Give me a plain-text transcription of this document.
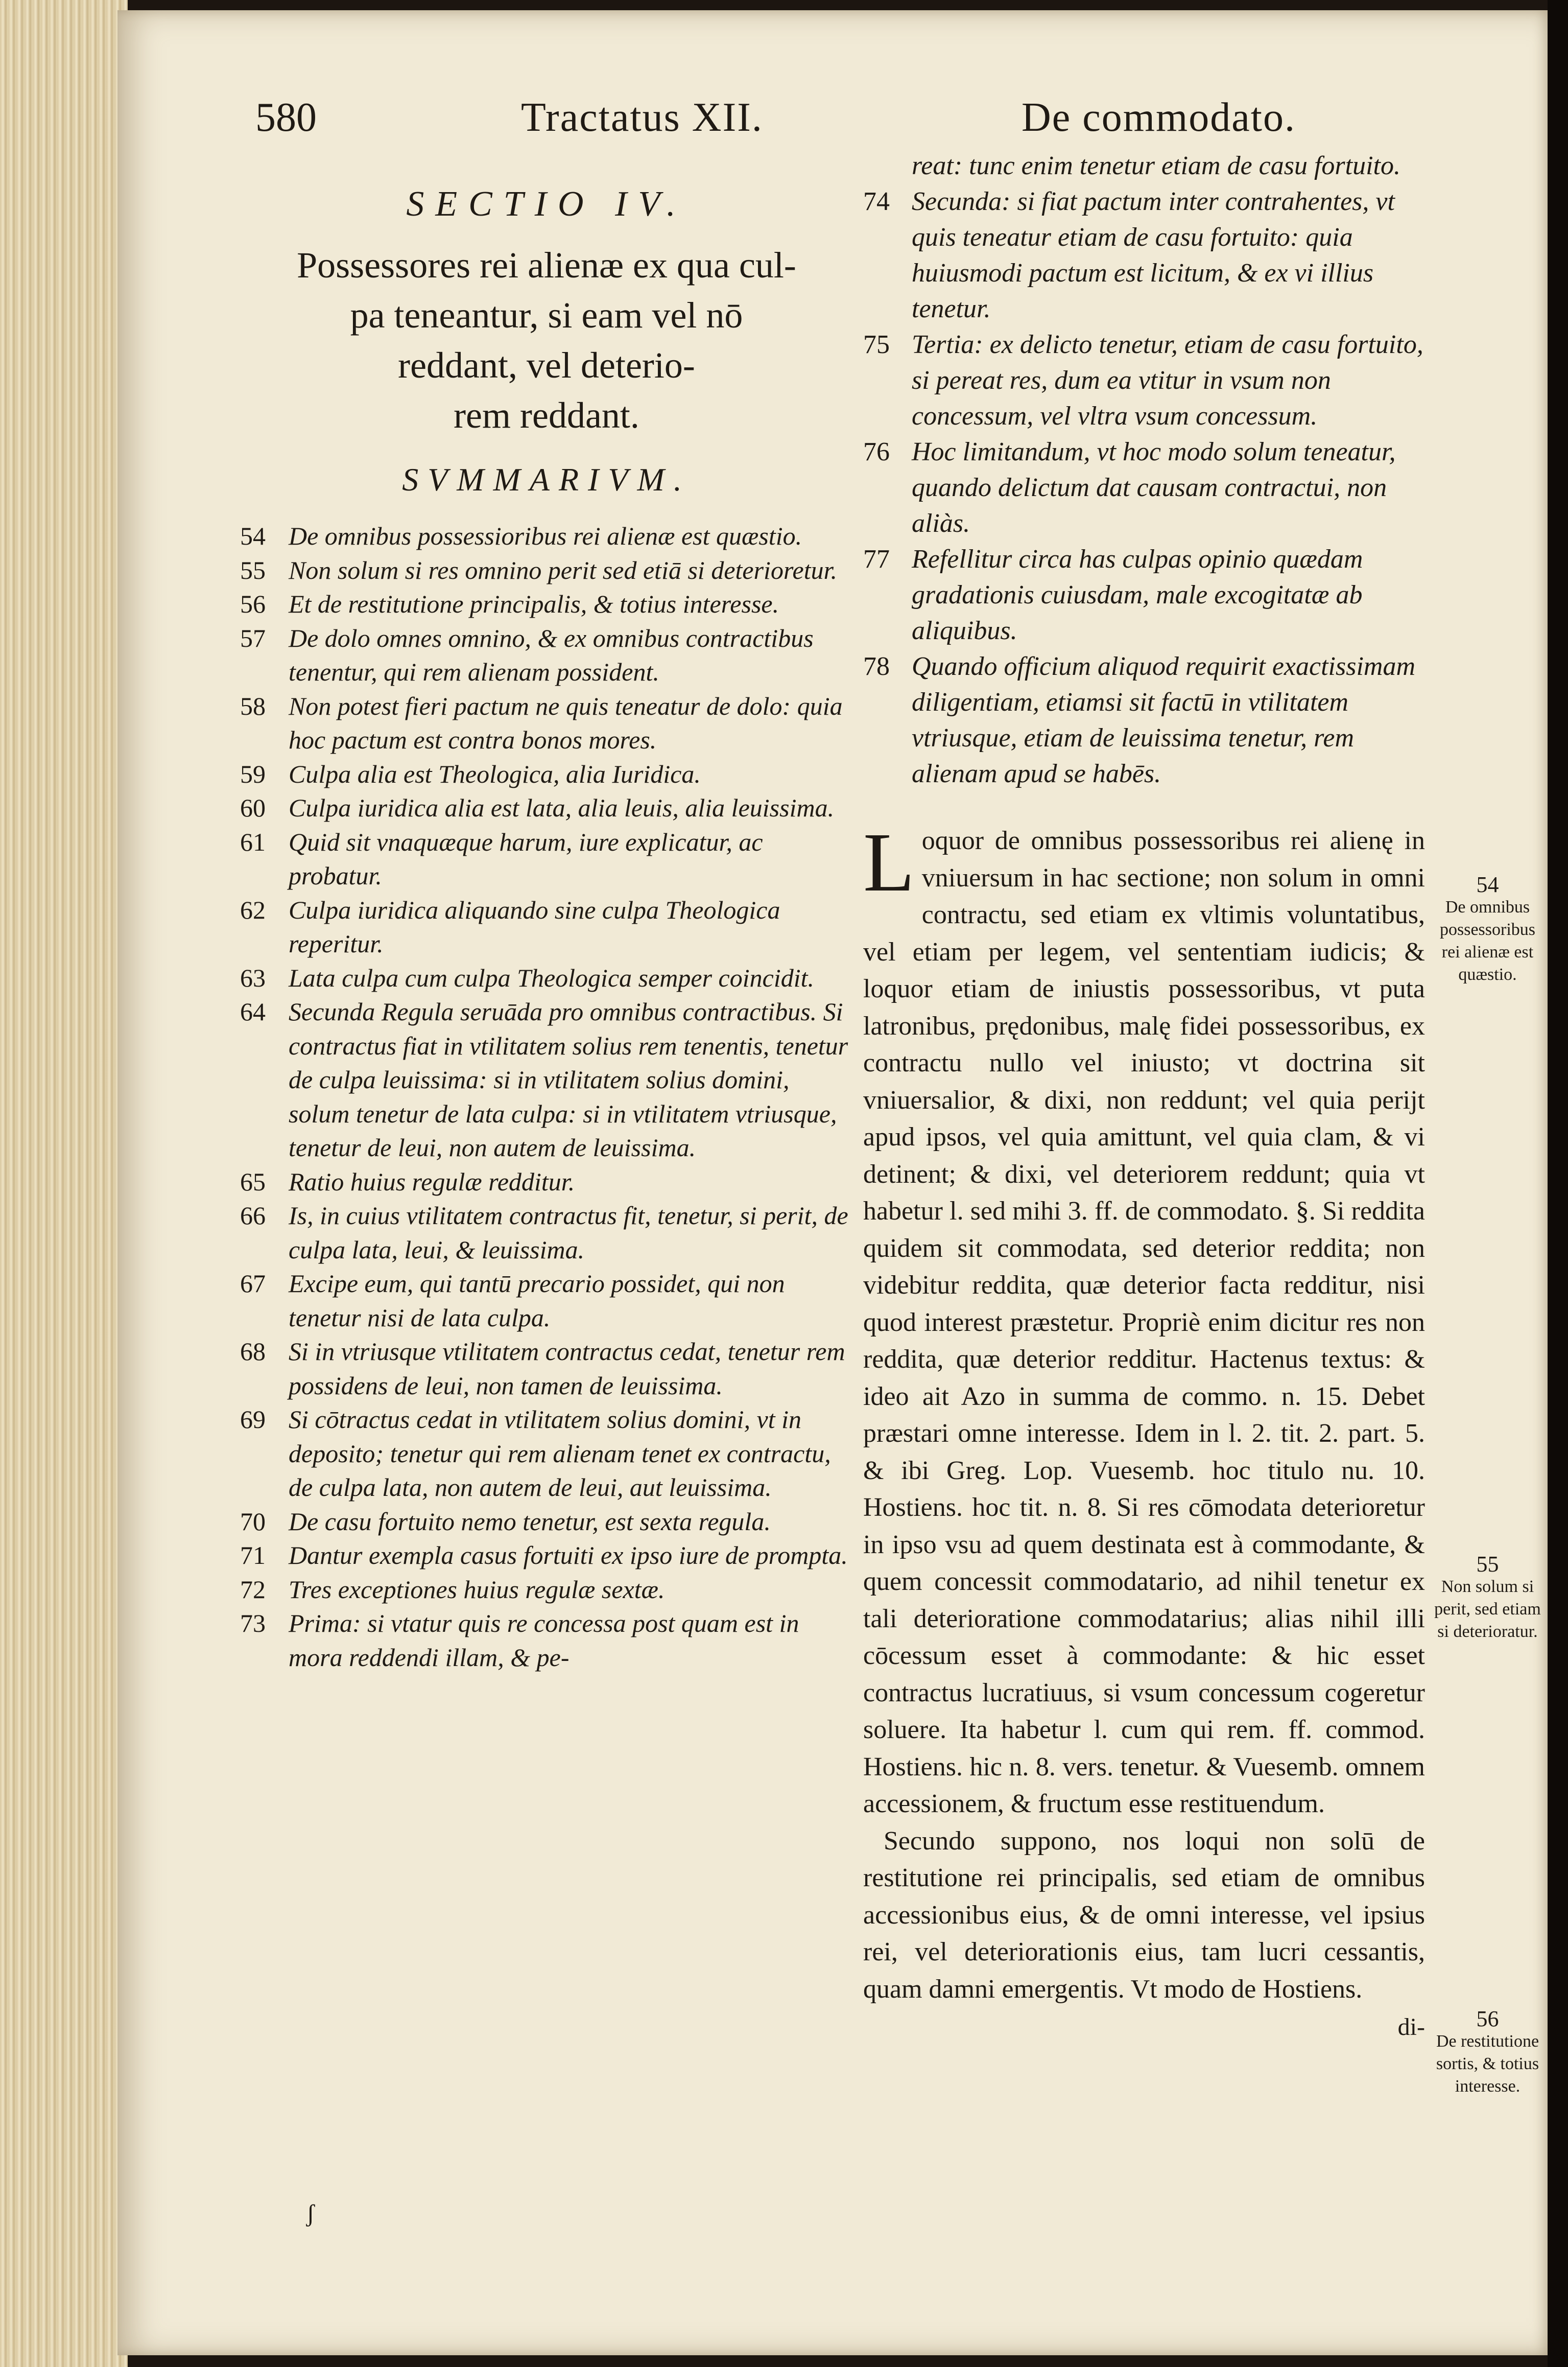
580	Tractatus XII.	De commodato.
SECTIO IV.
Possessores rei alienæ ex qua cul-
pa teneantur, si eam vel nō
reddant, vel deterio-
rem reddant.
SVMMARIVM.
54 De omnibus possessioribus rei alienæ est quæstio.
55 Non solum si res omnino perit sed etiā si deterioretur.
56 Et de restitutione principalis, & totius interesse.
57 De dolo omnes omnino, & ex omnibus contractibus tenentur, qui rem alienam possident.
58 Non potest fieri pactum ne quis teneatur de dolo: quia hoc pactum est contra bonos mores.
59 Culpa alia est Theologica, alia Iuridica.
60 Culpa iuridica alia est lata, alia leuis, alia leuissima.
61 Quid sit vnaquæque harum, iure explicatur, ac probatur.
62 Culpa iuridica aliquando sine culpa Theologica reperitur.
63 Lata culpa cum culpa Theologica semper coincidit.
64 Secunda Regula seruāda pro omnibus contractibus. Si contractus fiat in vtilitatem solius rem tenentis, tenetur de culpa leuissima: si in vtilitatem solius domini, solum tenetur de lata culpa: si in vtilitatem vtriusque, tenetur de leui, non autem de leuissima.
65 Ratio huius regulæ redditur.
66 Is, in cuius vtilitatem contractus fit, tenetur, si perit, de culpa lata, leui, & leuissima.
67 Excipe eum, qui tantū precario possidet, qui non tenetur nisi de lata culpa.
68 Si in vtriusque vtilitatem contractus cedat, tenetur rem possidens de leui, non tamen de leuissima.
69 Si cōtractus cedat in vtilitatem solius domini, vt in deposito; tenetur qui rem alienam tenet ex contractu, de culpa lata, non autem de leui, aut leuissima.
70 De casu fortuito nemo tenetur, est sexta regula.
71 Dantur exempla casus fortuiti ex ipso iure de prompta.
72 Tres exceptiones huius regulæ sextæ.
73 Prima: si vtatur quis re concessa post quam est in mora reddendi illam, & pe-
reat: tunc enim tenetur etiam de casu fortuito.
74 Secunda: si fiat pactum inter contrahentes, vt quis teneatur etiam de casu fortuito: quia huiusmodi pactum est licitum, & ex vi illius tenetur.
75 Tertia: ex delicto tenetur, etiam de casu fortuito, si pereat res, dum ea vtitur in vsum non concessum, vel vltra vsum concessum.
76 Hoc limitandum, vt hoc modo solum teneatur, quando delictum dat causam contractui, non aliàs.
77 Refellitur circa has culpas opinio quædam gradationis cuiusdam, male excogitatæ ab aliquibus.
78 Quando officium aliquod requirit exactissimam diligentiam, etiamsi sit factū in vtilitatem vtriusque, etiam de leuissima tenetur, rem alienam apud se habēs.

Loquor de omnibus possessoribus rei alienę in vniuersum in hac sectione; non solum in omni contractu, sed etiam ex vltimis voluntatibus, vel etiam per legem, vel sententiam iudicis; & loquor etiam de iniustis possessoribus, vt puta latronibus, prędonibus, malę fidei possessoribus, ex contractu nullo vel iniusto; vt doctrina sit vniuersalior, & dixi, non reddunt; vel quia perijt apud ipsos, vel quia amittunt, vel quia clam, & vi detinent; & dixi, vel deteriorem reddunt; quia vt habetur l. sed mihi 3. ff. de commodato. §. Si reddita quidem sit commodata, sed deterior reddita; non videbitur reddita, quæ deterior facta redditur, nisi quod interest præstetur. Propriè enim dicitur res non reddita, quæ deterior redditur. Hactenus textus: & ideo ait Azo in summa de commo. n. 15. Debet præstari omne interesse. Idem in l. 2. tit. 2. part. 5. & ibi Greg. Lop. Vuesemb. hoc titulo nu. 10. Hostiens. hoc tit. n. 8. Si res cōmodata deterioretur in ipso vsu ad quem destinata est à commodante, & quem concessit commodatario, ad nihil tenetur ex tali deterioratione commodatarius; alias nihil illi cōcessum esset à commodante: & hic esset contractus lucratiuus, si vsum concessum cogeretur soluere. Ita habetur l. cum qui rem. ff. commod. Hostiens. hic n. 8. vers. tenetur. & Vuesemb. omnem accessionem, & fructum esse restituendum.

Secundo suppono, nos loqui non solū de restitutione rei principalis, sed etiam de omnibus accessionibus eius, & de omni interesse, vel ipsius rei, vel deteriorationis eius, tam lucri cessantis, quam damni emergentis. Vt modo de Hostiens.

di-
54
De omnibus possessoribus rei alienæ est quæstio.
55
Non solum si perit, sed etiam si deterioratur.
56
De restitutione sortis, & totius interesse.
ʃ
